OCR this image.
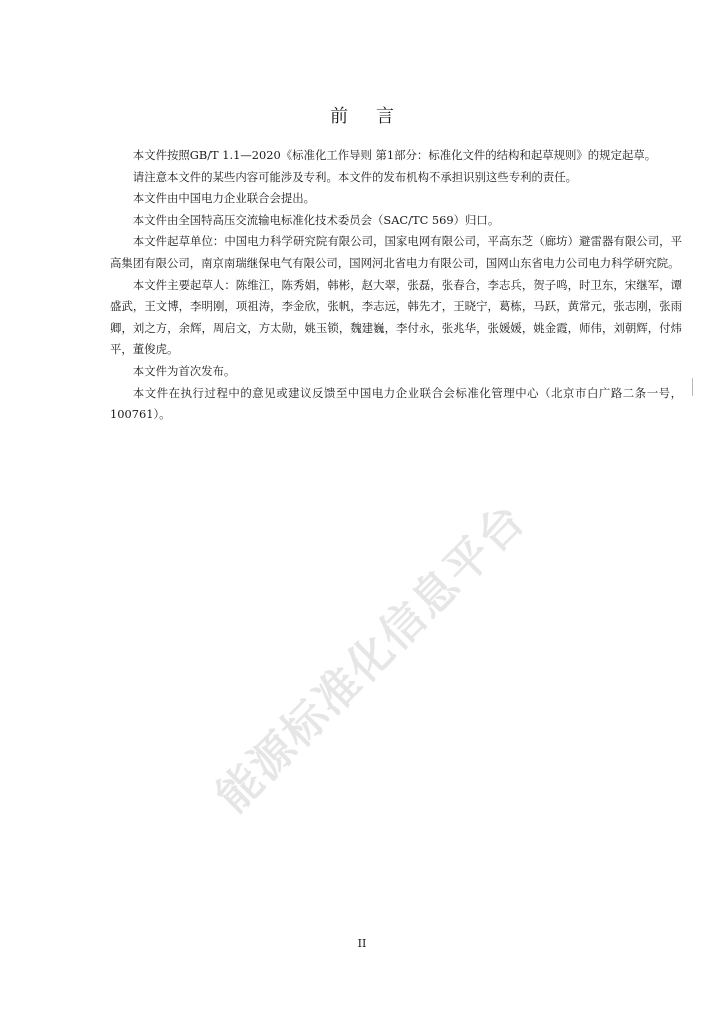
前言

本文件按照GB/T 1.1—2020《标准化工作导则 第1部分：标准化文件的结构和起草规则》的规定起草。

请注意本文件的某些内容可能涉及专利。本文件的发布机构不承担识别这些专利的责任。

本文件由中国电力企业联合会提出。

本文件由全国特高压交流输电标准化技术委员会（SAC/TC 569）归口。

本文件起草单位：中国电力科学研究院有限公司，国家电网有限公司，平高东芝（廊坊）避雷器有限公司，平高集团有限公司，南京南瑞继保电气有限公司，国网河北省电力有限公司，国网山东省电力公司电力科学研究院。

本文件主要起草人：陈维江，陈秀娟，韩彬，赵大翠，张磊，张春合，李志兵，贺子鸣，时卫东，宋继军，谭盛武，王文博，李明刚，项祖涛，李金欣，张帆，李志远，韩先才，王晓宁，葛栋，马跃，黄常元，张志刚，张雨卿，刘之方，余辉，周启文，方太勋，姚玉锁，魏建巍，李付永，张兆华，张媛媛，姚金霞，师伟，刘朝辉，付炜平，董俊虎。

本文件为首次发布。

本文件在执行过程中的意见或建议反馈至中国电力企业联合会标准化管理中心（北京市白广路二条一号，100761）。

能源标准化信息平台
II
